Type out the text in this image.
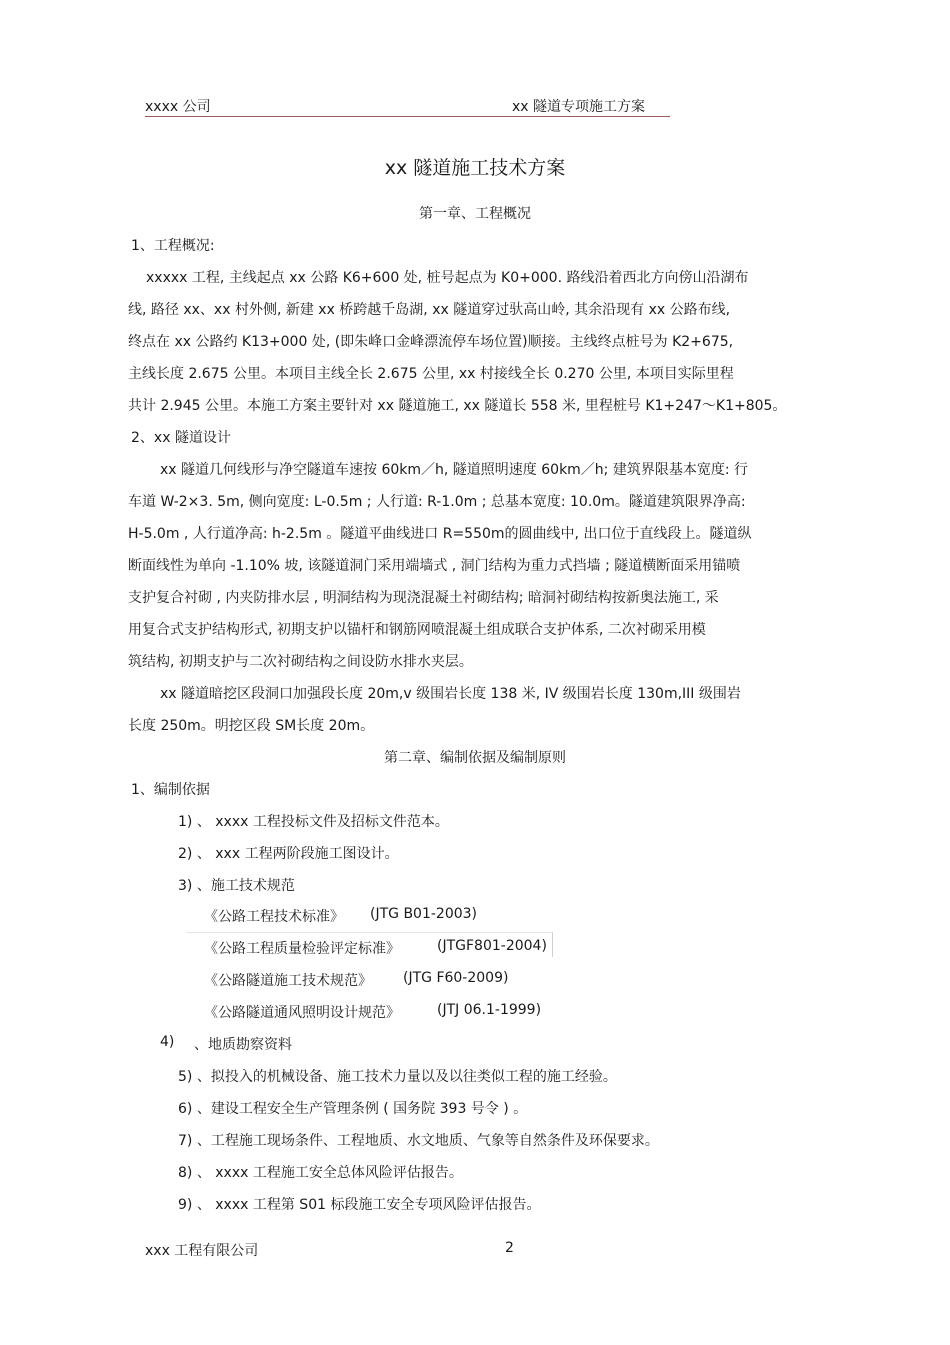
xxxx 公司	xx 隧道专项施工方案
xx 隧道施工技术方案
第一章、工程概况
1、工程概况:
xxxxx 工程, 主线起点 xx 公路 K6+600 处, 桩号起点为 K0+000. 路线沿着西北方向傍山沿湖布
线, 路径 xx、xx 村外侧, 新建 xx 桥跨越千岛湖, xx 隧道穿过驮高山岭, 其余沿现有 xx 公路布线,
终点在 xx 公路约 K13+000 处, (即朱峰口金峰漂流停车场位置)顺接。主线终点桩号为 K2+675,
主线长度 2.675 公里。本项目主线全长 2.675 公里, xx 村接线全长 0.270 公里, 本项目实际里程
共计 2.945 公里。本施工方案主要针对 xx 隧道施工, xx 隧道长 558 米, 里程桩号 K1+247～K1+805。
2、xx 隧道设计
xx 隧道几何线形与净空隧道车速按 60km／h, 隧道照明速度 60km／h; 建筑界限基本宽度: 行
车道 W-2×3. 5m, 侧向宽度: L-0.5m ; 人行道: R-1.0m ; 总基本宽度: 10.0m。隧道建筑限界净高:
H-5.0m , 人行道净高: h-2.5m 。隧道平曲线进口 R=550m的圆曲线中, 出口位于直线段上。隧道纵
断面线性为单向 -1.10% 坡, 该隧道洞门采用端墙式 , 洞门结构为重力式挡墙 ; 隧道横断面采用锚喷
支护复合衬砌 , 内夹防排水层 , 明洞结构为现浇混凝土衬砌结构; 暗洞衬砌结构按新奥法施工, 采
用复合式支护结构形式, 初期支护以锚杆和钢筋网喷混凝土组成联合支护体系, 二次衬砌采用模
筑结构, 初期支护与二次衬砌结构之间设防水排水夹层。
xx 隧道暗挖区段洞口加强段长度 20m,v 级围岩长度 138 米, IV 级围岩长度 130m,III 级围岩
长度 250m。明挖区段 SM长度 20m。
第二章、编制依据及编制原则
1、编制依据
1) 、 xxxx 工程投标文件及招标文件范本。
2) 、 xxx 工程两阶段施工图设计。
3) 、施工技术规范
《公路工程技术标准》 (JTG B01-2003)
《公路工程质量检验评定标准》	(JTGF801-2004)
《公路隧道施工技术规范》 (JTG F60-2009)
《公路隧道通风照明设计规范》	(JTJ 06.1-1999)
4) 、地质勘察资料
5) 、拟投入的机械设备、施工技术力量以及以往类似工程的施工经验。
6) 、建设工程安全生产管理条例 ( 国务院 393 号令 ) 。
7) 、工程施工现场条件、工程地质、水文地质、气象等自然条件及环保要求。
8) 、 xxxx 工程施工安全总体风险评估报告。
9) 、 xxxx 工程第 S01 标段施工安全专项风险评估报告。
xxx 工程有限公司	2
